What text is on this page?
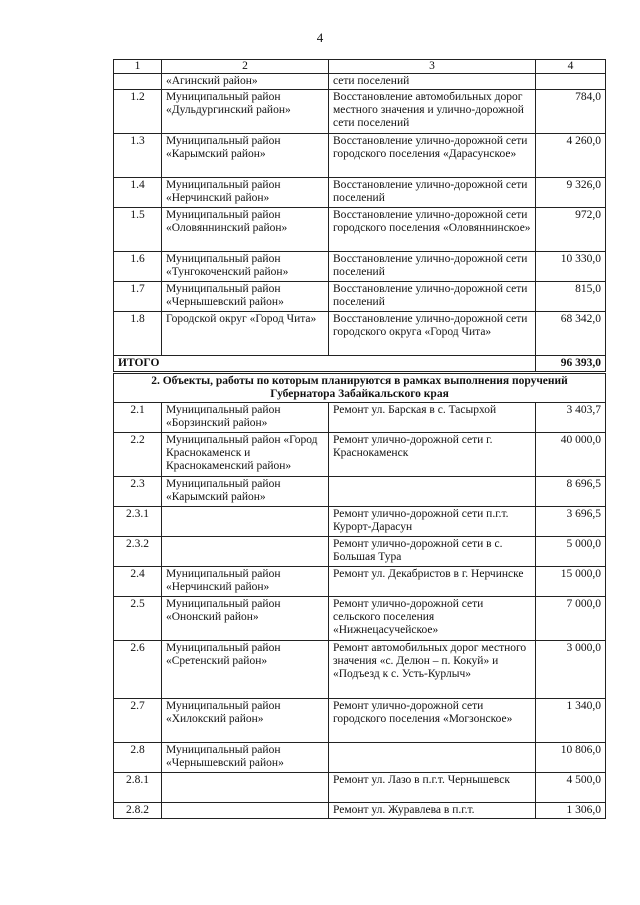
4
1	2	3	4
	«Агинский район»	сети поселений	
1.2	Муниципальный район «Дульдургинский район»	Восстановление автомобильных дорог местного значения и улично-дорожной сети поселений	784,0
1.3	Муниципальный район «Карымский район»	Восстановление улично-дорожной сети городского поселения «Дарасунское»	4 260,0
1.4	Муниципальный район «Нерчинский район»	Восстановление улично-дорожной сети поселений	9 326,0
1.5	Муниципальный район «Оловяннинский район»	Восстановление улично-дорожной сети городского поселения «Оловяннинское»	972,0
1.6	Муниципальный район «Тунгокоченский район»	Восстановление улично-дорожной сети поселений	10 330,0
1.7	Муниципальный район «Чернышевский район»	Восстановление улично-дорожной сети поселений	815,0
1.8	Городской округ «Город Чита»	Восстановление улично-дорожной сети городского округа «Город Чита»	68 342,0
ИТОГО			96 393,0
2. Объекты, работы по которым планируются в рамках выполнения поручений Губернатора Забайкальского края			
2.1	Муниципальный район «Борзинский район»	Ремонт ул. Барская в с. Тасырхой	3 403,7
2.2	Муниципальный район «Город Краснокаменск и Краснокаменский район»	Ремонт улично-дорожной сети г. Краснокаменск	40 000,0
2.3	Муниципальный район «Карымский район»		8 696,5
2.3.1		Ремонт улично-дорожной сети п.г.т. Курорт-Дарасун	3 696,5
2.3.2		Ремонт улично-дорожной сети в с. Большая Тура	5 000,0
2.4	Муниципальный район «Нерчинский район»	Ремонт ул. Декабристов в г. Нерчинске	15 000,0
2.5	Муниципальный район «Ононский район»	Ремонт улично-дорожной сети сельского поселения «Нижнецасучейское»	7 000,0
2.6	Муниципальный район «Сретенский район»	Ремонт автомобильных дорог местного значения «с. Делюн – п. Кокуй» и «Подъезд к с. Усть-Курлыч»	3 000,0
2.7	Муниципальный район «Хилокский район»	Ремонт улично-дорожной сети городского поселения «Могзонское»	1 340,0
2.8	Муниципальный район «Чернышевский район»		10 806,0
2.8.1		Ремонт ул. Лазо в п.г.т. Чернышевск	4 500,0
2.8.2		Ремонт ул. Журавлева в п.г.т.	1 306,0
